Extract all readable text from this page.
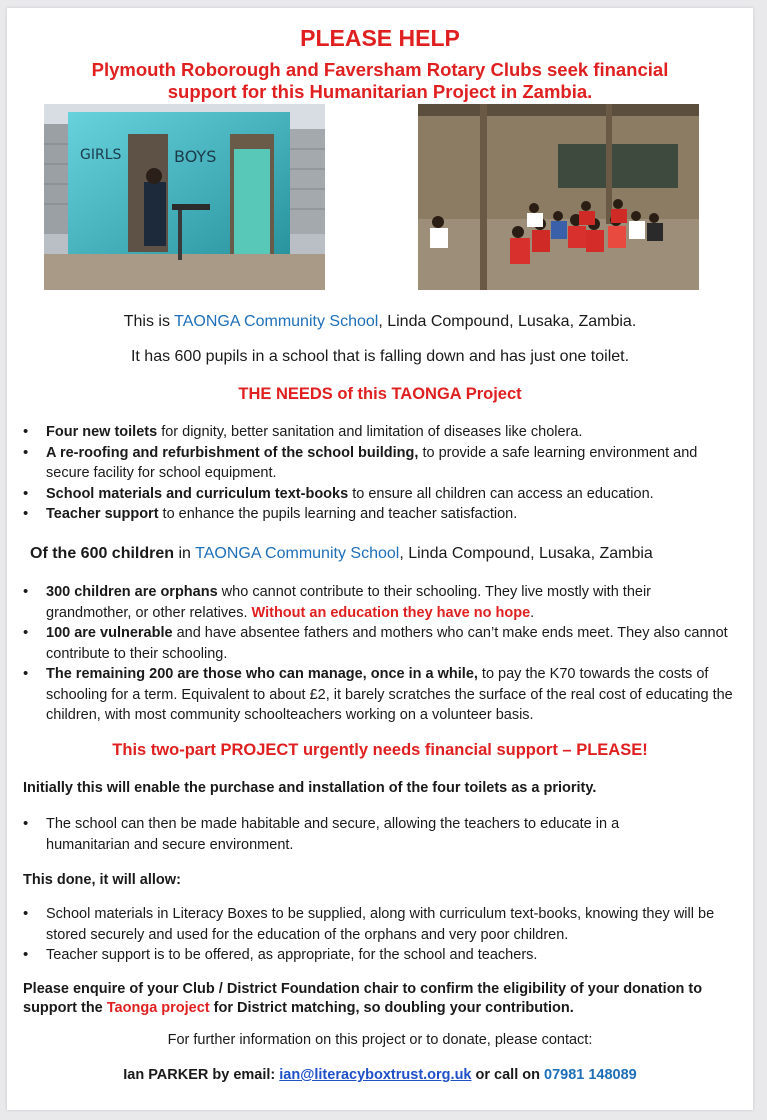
PLEASE HELP
Plymouth Roborough and Faversham Rotary Clubs seek financial
support for this Humanitarian Project in Zambia.
GIRLS	BOYS
This is TAONGA Community School, Linda Compound, Lusaka, Zambia.
It has 600 pupils in a school that is falling down and has just one toilet.
THE NEEDS of this TAONGA Project
• Four new toilets for dignity, better sanitation and limitation of diseases like cholera.
• A re-roofing and refurbishment of the school building, to provide a safe learning environment and secure facility for school equipment.
• School materials and curriculum text-books to ensure all children can access an education.
• Teacher support to enhance the pupils learning and teacher satisfaction.
Of the 600 children in TAONGA Community School, Linda Compound, Lusaka, Zambia
• 300 children are orphans who cannot contribute to their schooling. They live mostly with their grandmother, or other relatives. Without an education they have no hope.
• 100 are vulnerable and have absentee fathers and mothers who can’t make ends meet. They also cannot contribute to their schooling.
• The remaining 200 are those who can manage, once in a while, to pay the K70 towards the costs of schooling for a term. Equivalent to about £2, it barely scratches the surface of the real cost of educating the children, with most community schoolteachers working on a volunteer basis.
This two-part PROJECT urgently needs financial support – PLEASE!
Initially this will enable the purchase and installation of the four toilets as a priority.
• The school can then be made habitable and secure, allowing the teachers to educate in a humanitarian and secure environment.
This done, it will allow:
• School materials in Literacy Boxes to be supplied, along with curriculum text-books, knowing they will be stored securely and used for the education of the orphans and very poor children.
• Teacher support is to be offered, as appropriate, for the school and teachers.
Please enquire of your Club / District Foundation chair to confirm the eligibility of your donation to support the Taonga project for District matching, so doubling your contribution.
For further information on this project or to donate, please contact:
Ian PARKER by email: ian@literacyboxtrust.org.uk or call on 07981 148089
